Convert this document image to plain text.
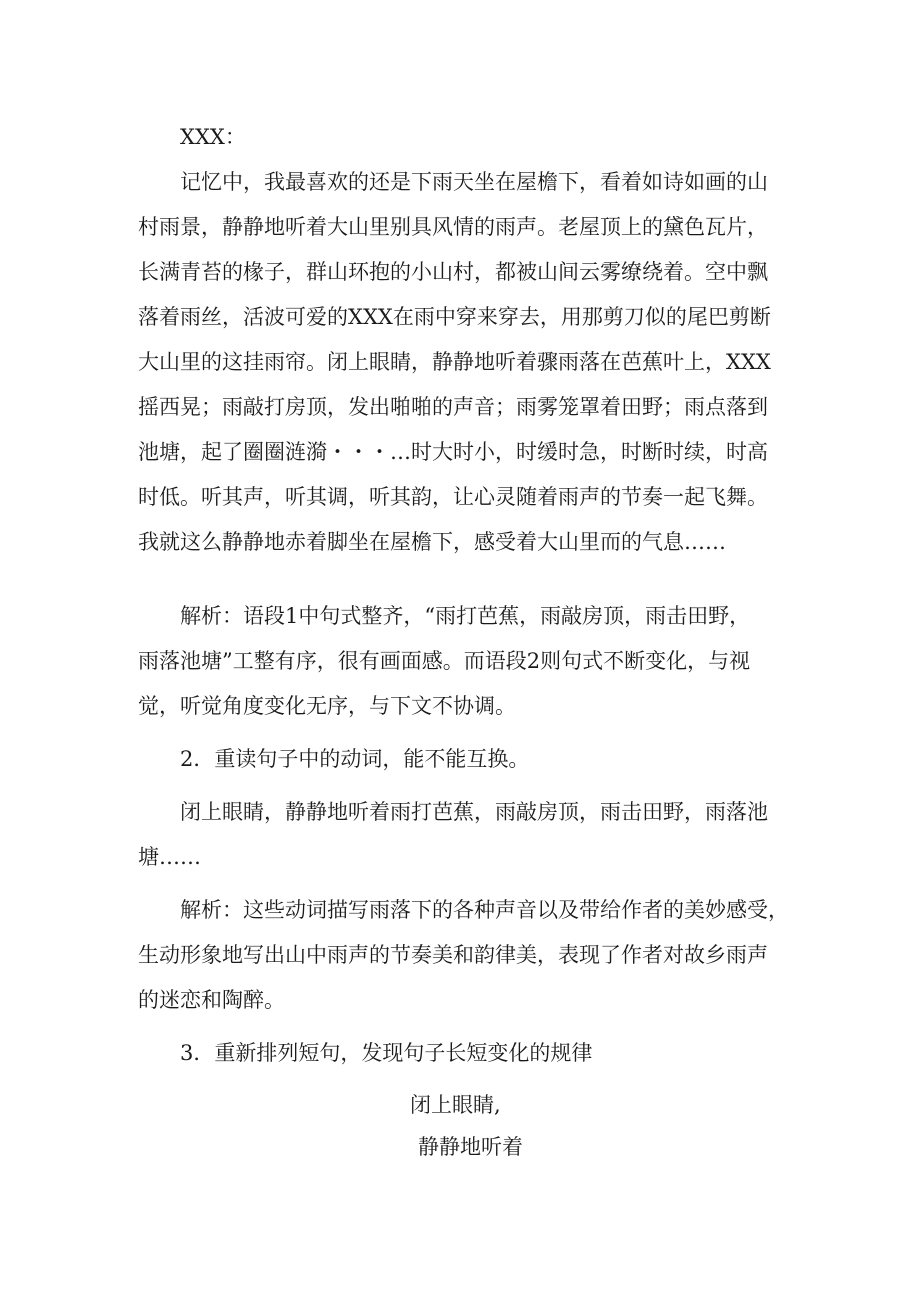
XXX：
记忆中，我最喜欢的还是下雨天坐在屋檐下，看着如诗如画的山
村雨景，静静地听着大山里别具风情的雨声。老屋顶上的黛色瓦片，
长满青苔的椽子，群山环抱的小山村，都被山间云雾缭绕着。空中飘
落着雨丝，活波可爱的XXX在雨中穿来穿去，用那剪刀似的尾巴剪断
大山里的这挂雨帘。闭上眼睛，静静地听着骤雨落在芭蕉叶上，XXX
摇西晃；雨敲打房顶，发出啪啪的声音；雨雾笼罩着田野；雨点落到
池塘，起了圈圈涟漪・・・…时大时小，时缓时急，时断时续，时高
时低。听其声，听其调，听其韵，让心灵随着雨声的节奏一起飞舞。
我就这么静静地赤着脚坐在屋檐下，感受着大山里而的气息……
解析：语段1中句式整齐，“雨打芭蕉，雨敲房顶，雨击田野，
雨落池塘”工整有序，很有画面感。而语段2则句式不断变化，与视
觉，听觉角度变化无序，与下文不协调。
2．重读句子中的动词，能不能互换。
闭上眼睛，静静地听着雨打芭蕉，雨敲房顶，雨击田野，雨落池
塘……
解析：这些动词描写雨落下的各种声音以及带给作者的美妙感受，
生动形象地写出山中雨声的节奏美和韵律美，表现了作者对故乡雨声
的迷恋和陶醉。
3．重新排列短句，发现句子长短变化的规律
闭上眼睛,
静静地听着
